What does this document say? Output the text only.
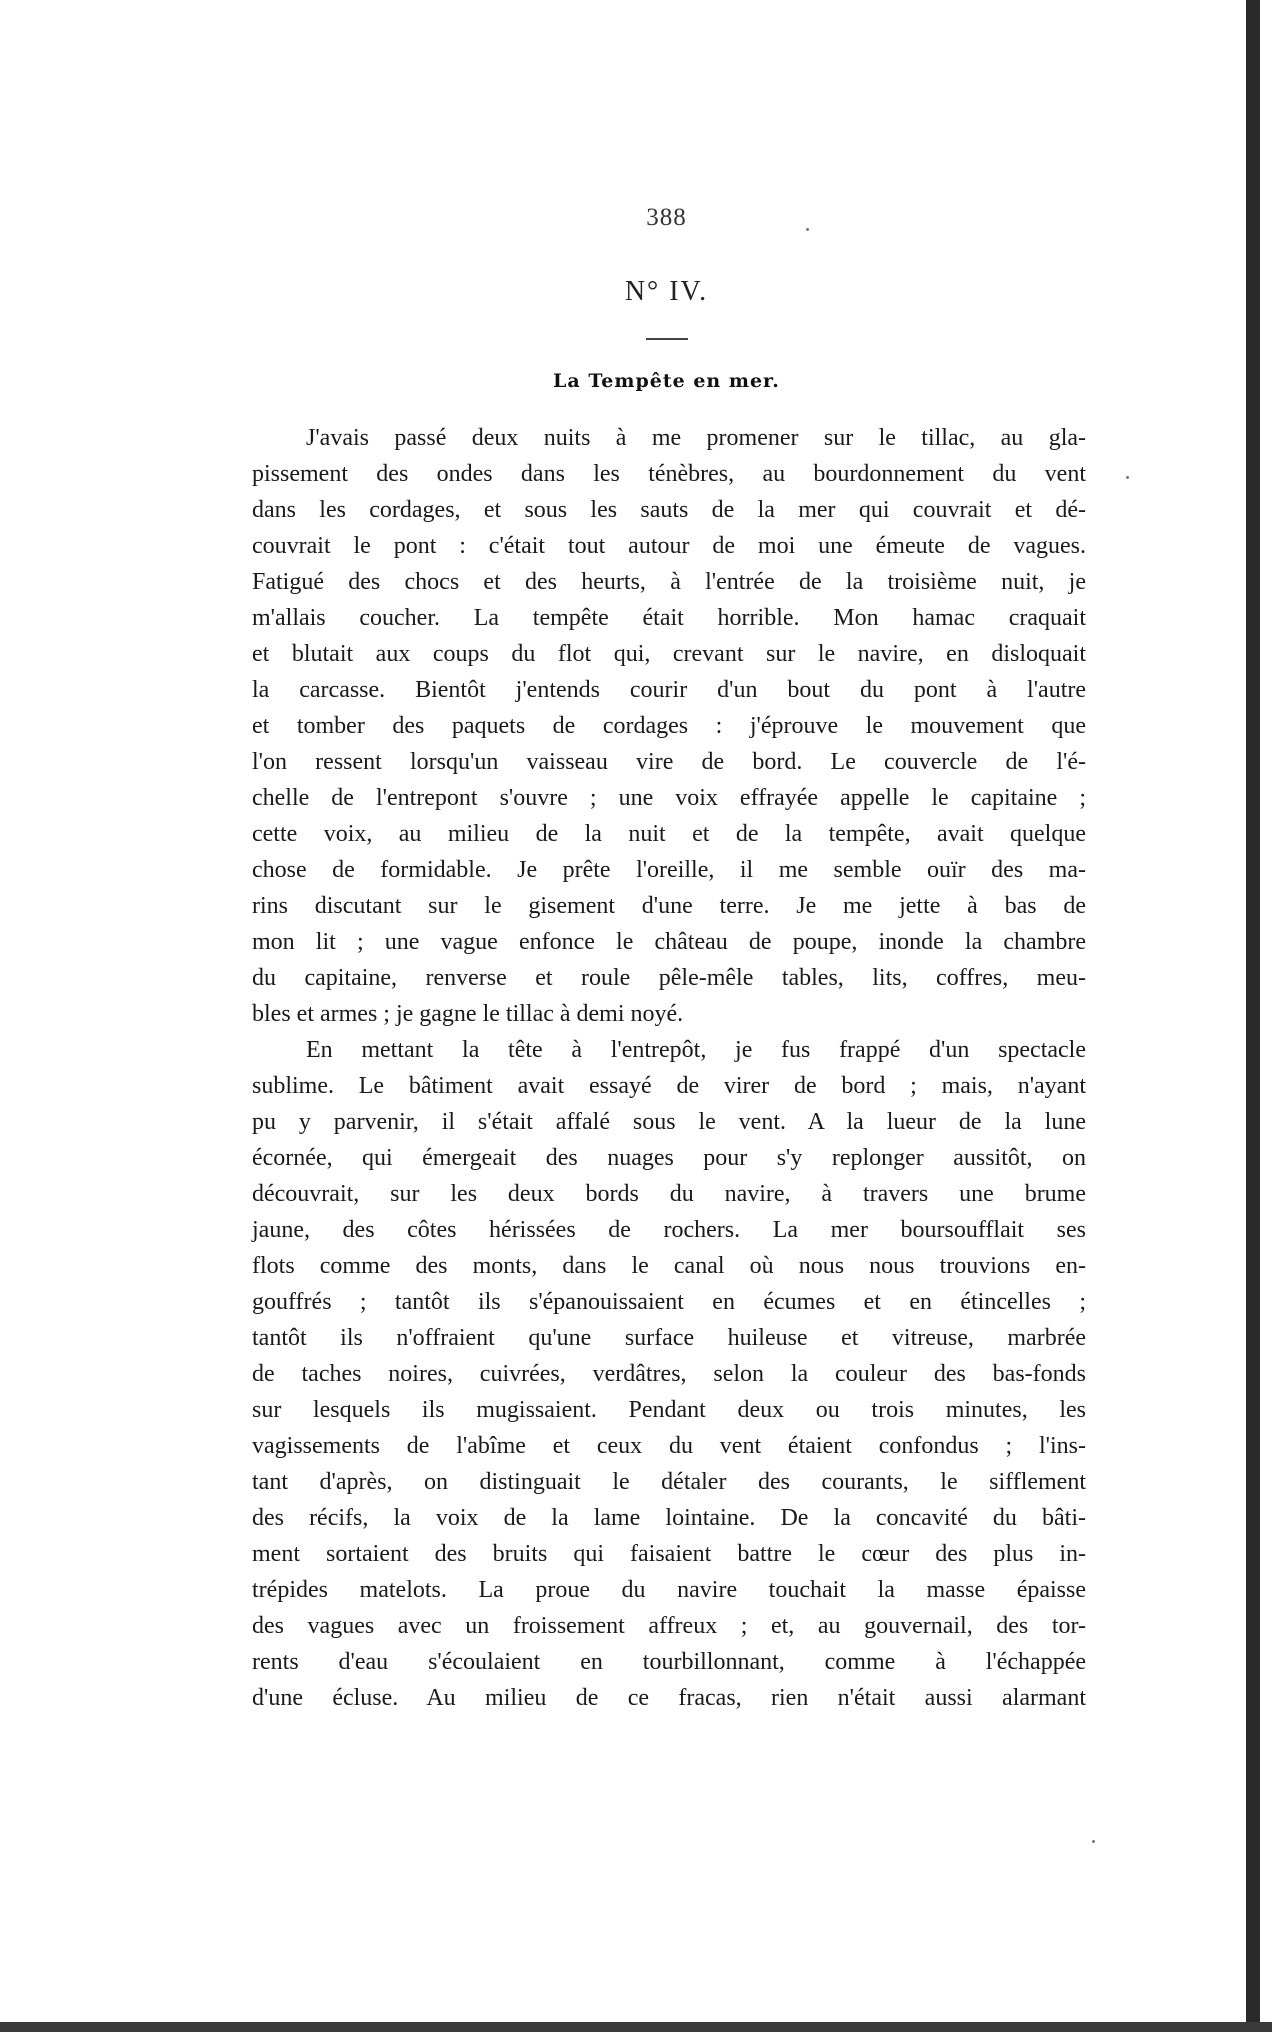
388
N° IV.
La Tempête en mer.
J'avais passé deux nuits à me promener sur le tillac, au gla-
pissement des ondes dans les ténèbres, au bourdonnement du vent
dans les cordages, et sous les sauts de la mer qui couvrait et dé-
couvrait le pont : c'était tout autour de moi une émeute de vagues.
Fatigué des chocs et des heurts, à l'entrée de la troisième nuit, je
m'allais coucher. La tempête était horrible. Mon hamac craquait
et blutait aux coups du flot qui, crevant sur le navire, en disloquait
la carcasse. Bientôt j'entends courir d'un bout du pont à l'autre
et tomber des paquets de cordages : j'éprouve le mouvement que
l'on ressent lorsqu'un vaisseau vire de bord. Le couvercle de l'é-
chelle de l'entrepont s'ouvre ; une voix effrayée appelle le capitaine ;
cette voix, au milieu de la nuit et de la tempête, avait quelque
chose de formidable. Je prête l'oreille, il me semble ouïr des ma-
rins discutant sur le gisement d'une terre. Je me jette à bas de
mon lit ; une vague enfonce le château de poupe, inonde la chambre
du capitaine, renverse et roule pêle-mêle tables, lits, coffres, meu-
bles et armes ; je gagne le tillac à demi noyé.
En mettant la tête à l'entrepôt, je fus frappé d'un spectacle
sublime. Le bâtiment avait essayé de virer de bord ; mais, n'ayant
pu y parvenir, il s'était affalé sous le vent. A la lueur de la lune
écornée, qui émergeait des nuages pour s'y replonger aussitôt, on
découvrait, sur les deux bords du navire, à travers une brume
jaune, des côtes hérissées de rochers. La mer boursoufflait ses
flots comme des monts, dans le canal où nous nous trouvions en-
gouffrés ; tantôt ils s'épanouissaient en écumes et en étincelles ;
tantôt ils n'offraient qu'une surface huileuse et vitreuse, marbrée
de taches noires, cuivrées, verdâtres, selon la couleur des bas-fonds
sur lesquels ils mugissaient. Pendant deux ou trois minutes, les
vagissements de l'abîme et ceux du vent étaient confondus ; l'ins-
tant d'après, on distinguait le détaler des courants, le sifflement
des récifs, la voix de la lame lointaine. De la concavité du bâti-
ment sortaient des bruits qui faisaient battre le cœur des plus in-
trépides matelots. La proue du navire touchait la masse épaisse
des vagues avec un froissement affreux ; et, au gouvernail, des tor-
rents d'eau s'écoulaient en tourbillonnant, comme à l'échappée
d'une écluse. Au milieu de ce fracas, rien n'était aussi alarmant
